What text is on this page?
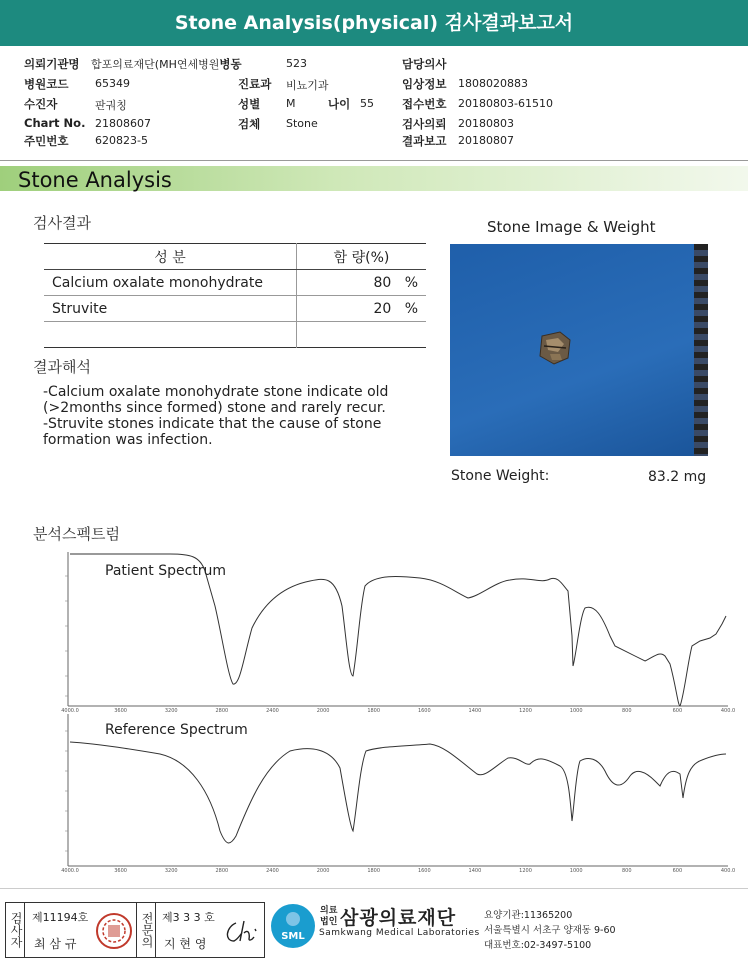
Stone Analysis(physical) 검사결과보고서
의뢰기관명 합포의료재단(MH연세병원병동	523	담당의사
병원코드 65349	진료과 비뇨기과	임상정보 1808020883
수진자	판궈칭	성별 M	나이 55 접수번호 20180803-61510
Chart No. 21808607	검체 Stone	검사의뢰 20180803
주민번호 620823-5	결과보고 20180807
Stone Analysis
검사결과
성 분	함 량(%)
Calcium oxalate monohydrate	80 %
Struvite	20 %

결과해석
-Calcium oxalate monohydrate stone indicate old
(>2months since formed) stone and rarely recur.
-Struvite stones indicate that the cause of stone
formation was infection.
Stone Image & Weight
Stone Weight:	83.2 mg
분석스펙트럼
4000.0	3600	3200	2800	2400	2000	1800	1600	1400	1200	1000	800	600	400.0
4000.0	3600	3200	2800	2400	2000	1800	1600	1400	1200	1000	800	600	400.0
Patient Spectrum
Reference Spectrum
검사자 제11194호
최 삼 규	전문의 제3 3 3 호
지 현 영
SML
의료법인 삼광의료재단
Samkwang Medical Laboratories
요양기관:11365200
서울특별시 서초구 양재동 9-60
대표번호:02-3497-5100
